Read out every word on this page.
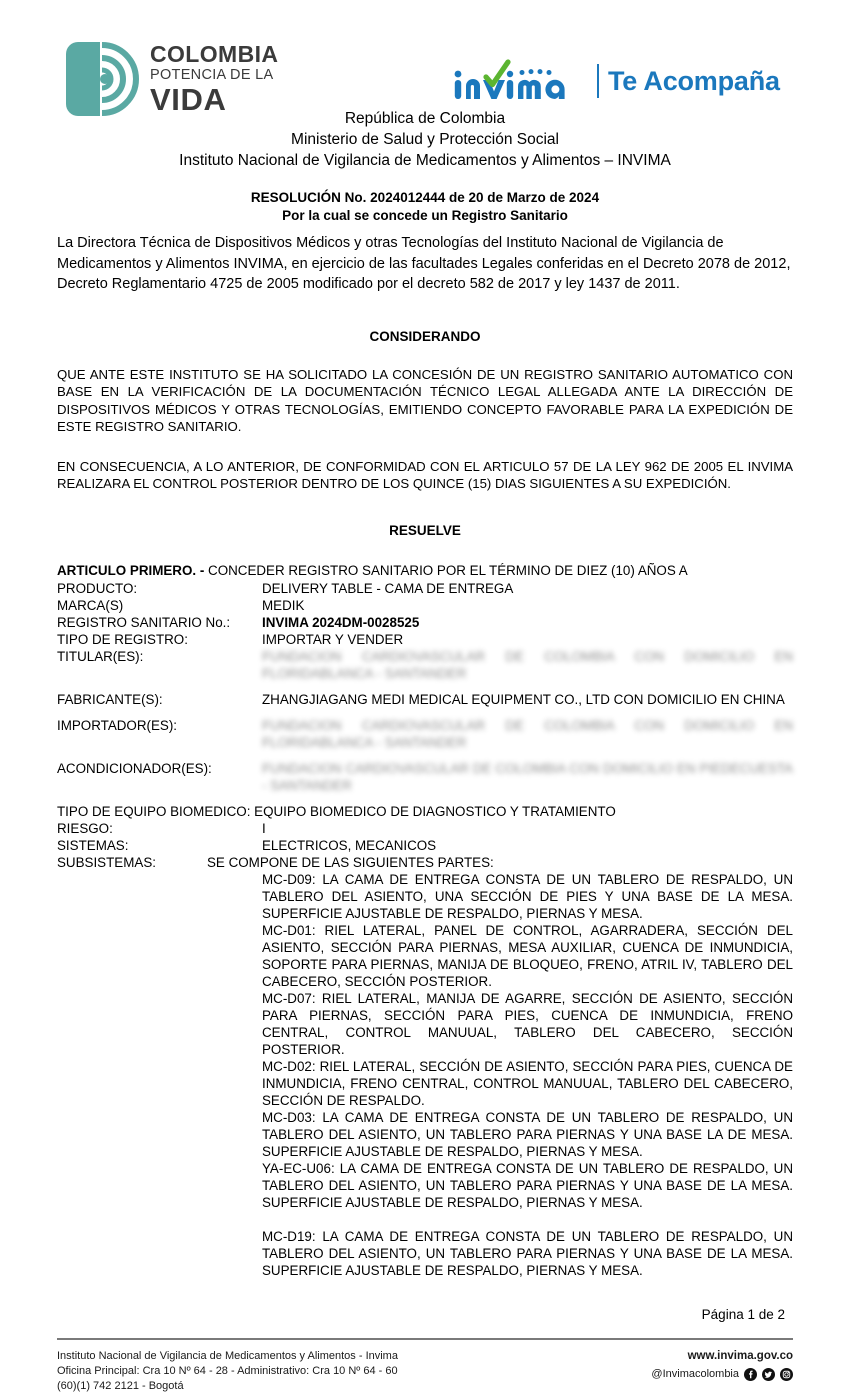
COLOMBIA
POTENCIA DE LA
VIDA
Te Acompaña
República de Colombia
Ministerio de Salud y Protección Social
Instituto Nacional de Vigilancia de Medicamentos y Alimentos – INVIMA
RESOLUCIÓN No. 2024012444 de 20 de Marzo de 2024
Por la cual se concede un Registro Sanitario
La Directora Técnica de Dispositivos Médicos y otras Tecnologías del Instituto Nacional de Vigilancia de Medicamentos y Alimentos INVIMA, en ejercicio de las facultades Legales conferidas en el Decreto 2078 de 2012, Decreto Reglamentario 4725 de 2005 modificado por el decreto 582 de 2017 y ley 1437 de 2011.
CONSIDERANDO
QUE ANTE ESTE INSTITUTO SE HA SOLICITADO LA CONCESIÓN DE UN REGISTRO SANITARIO AUTOMATICO CON BASE EN LA VERIFICACIÓN DE LA DOCUMENTACIÓN TÉCNICO LEGAL ALLEGADA ANTE LA DIRECCIÓN DE DISPOSITIVOS MÉDICOS Y OTRAS TECNOLOGÍAS, EMITIENDO CONCEPTO FAVORABLE PARA LA EXPEDICIÓN DE ESTE REGISTRO SANITARIO.
EN CONSECUENCIA, A LO ANTERIOR, DE CONFORMIDAD CON EL ARTICULO 57 DE LA LEY 962 DE 2005 EL INVIMA REALIZARA EL CONTROL POSTERIOR DENTRO DE LOS QUINCE (15) DIAS SIGUIENTES A SU EXPEDICIÓN.
RESUELVE
ARTICULO PRIMERO. - CONCEDER REGISTRO SANITARIO POR EL TÉRMINO DE DIEZ (10) AÑOS A
PRODUCTO:	DELIVERY TABLE - CAMA DE ENTREGA
MARCA(S)	MEDIK
REGISTRO SANITARIO No.:	INVIMA 2024DM-0028525
TIPO DE REGISTRO:	IMPORTAR Y VENDER
TITULAR(ES):	FUNDACION CARDIOVASCULAR DE COLOMBIA CON DOMICILIO EN FLORIDABLANCA - SANTANDER
FABRICANTE(S):	ZHANGJIAGANG MEDI MEDICAL EQUIPMENT CO., LTD CON DOMICILIO EN CHINA
IMPORTADOR(ES):	FUNDACION CARDIOVASCULAR DE COLOMBIA CON DOMICILIO EN FLORIDABLANCA - SANTANDER
ACONDICIONADOR(ES):	FUNDACION CARDIOVASCULAR DE COLOMBIA CON DOMICILIO EN PIEDECUESTA - SANTANDER
TIPO DE EQUIPO BIOMEDICO: EQUIPO BIOMEDICO DE DIAGNOSTICO Y TRATAMIENTO
RIESGO:	I
SISTEMAS:	ELECTRICOS, MECANICOS
SUBSISTEMAS:	SE COMPONE DE LAS SIGUIENTES PARTES:
MC-D09: LA CAMA DE ENTREGA CONSTA DE UN TABLERO DE RESPALDO, UN TABLERO DEL ASIENTO, UNA SECCIÓN DE PIES Y UNA BASE DE LA MESA. SUPERFICIE AJUSTABLE DE RESPALDO, PIERNAS Y MESA.
MC-D01: RIEL LATERAL, PANEL DE CONTROL, AGARRADERA, SECCIÓN DEL ASIENTO, SECCIÓN PARA PIERNAS, MESA AUXILIAR, CUENCA DE INMUNDICIA, SOPORTE PARA PIERNAS, MANIJA DE BLOQUEO, FRENO, ATRIL IV, TABLERO DEL CABECERO, SECCIÓN POSTERIOR.
MC-D07: RIEL LATERAL, MANIJA DE AGARRE, SECCIÓN DE ASIENTO, SECCIÓN PARA PIERNAS, SECCIÓN PARA PIES, CUENCA DE INMUNDICIA, FRENO CENTRAL, CONTROL MANUUAL, TABLERO DEL CABECERO, SECCIÓN POSTERIOR.
MC-D02: RIEL LATERAL, SECCIÓN DE ASIENTO, SECCIÓN PARA PIES, CUENCA DE INMUNDICIA, FRENO CENTRAL, CONTROL MANUUAL, TABLERO DEL CABECERO, SECCIÓN DE RESPALDO.
MC-D03: LA CAMA DE ENTREGA CONSTA DE UN TABLERO DE RESPALDO, UN TABLERO DEL ASIENTO, UN TABLERO PARA PIERNAS Y UNA BASE LA DE MESA. SUPERFICIE AJUSTABLE DE RESPALDO, PIERNAS Y MESA.
YA-EC-U06: LA CAMA DE ENTREGA CONSTA DE UN TABLERO DE RESPALDO, UN TABLERO DEL ASIENTO, UN TABLERO PARA PIERNAS Y UNA BASE DE LA MESA. SUPERFICIE AJUSTABLE DE RESPALDO, PIERNAS Y MESA.
MC-D19: LA CAMA DE ENTREGA CONSTA DE UN TABLERO DE RESPALDO, UN TABLERO DEL ASIENTO, UN TABLERO PARA PIERNAS Y UNA BASE DE LA MESA. SUPERFICIE AJUSTABLE DE RESPALDO, PIERNAS Y MESA.
Página 1 de 2
Instituto Nacional de Vigilancia de Medicamentos y Alimentos - Invima
Oficina Principal: Cra 10 Nº 64 - 28 - Administrativo: Cra 10 Nº 64 - 60
(60)(1) 742 2121 - Bogotá
www.invima.gov.co
@Invimacolombia
